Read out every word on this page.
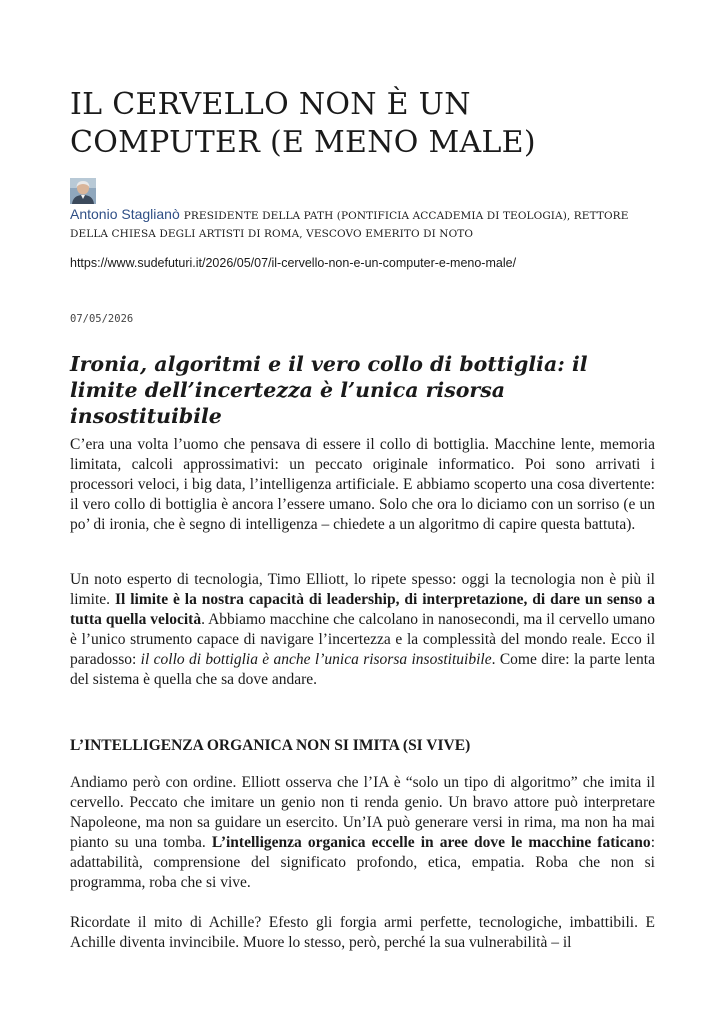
IL CERVELLO NON È UN COMPUTER (E MENO MALE)

Antonio Staglianò PRESIDENTE DELLA PATH (PONTIFICIA ACCADEMIA DI TEOLOGIA), RETTORE DELLA CHIESA DEGLI ARTISTI DI ROMA, VESCOVO EMERITO DI NOTO

https://www.sudefuturi.it/2026/05/07/il-cervello-non-e-un-computer-e-meno-male/

07/05/2026

Ironia, algoritmi e il vero collo di bottiglia: il limite dell’incertezza è l’unica risorsa insostituibile

C’era una volta l’uomo che pensava di essere il collo di bottiglia. Macchine lente, memoria limitata, calcoli approssimativi: un peccato originale informatico. Poi sono arrivati i processori veloci, i big data, l’intelligenza artificiale. E abbiamo scoperto una cosa divertente: il vero collo di bottiglia è ancora l’essere umano. Solo che ora lo diciamo con un sorriso (e un po’ di ironia, che è segno di intelligenza – chiedete a un algoritmo di capire questa battuta).

Un noto esperto di tecnologia, Timo Elliott, lo ripete spesso: oggi la tecnologia non è più il limite. Il limite è la nostra capacità di leadership, di interpretazione, di dare un senso a tutta quella velocità. Abbiamo macchine che calcolano in nanosecondi, ma il cervello umano è l’unico strumento capace di navigare l’incertezza e la complessità del mondo reale. Ecco il paradosso: il collo di bottiglia è anche l’unica risorsa insostituibile. Come dire: la parte lenta del sistema è quella che sa dove andare.

L’INTELLIGENZA ORGANICA NON SI IMITA (SI VIVE)

Andiamo però con ordine. Elliott osserva che l’IA è “solo un tipo di algoritmo” che imita il cervello. Peccato che imitare un genio non ti renda genio. Un bravo attore può interpretare Napoleone, ma non sa guidare un esercito. Un’IA può generare versi in rima, ma non ha mai pianto su una tomba. L’intelligenza organica eccelle in aree dove le macchine faticano: adattabilità, comprensione del significato profondo, etica, empatia. Roba che non si programma, roba che si vive.

Ricordate il mito di Achille? Efesto gli forgia armi perfette, tecnologiche, imbattibili. E Achille diventa invincibile. Muore lo stesso, però, perché la sua vulnerabilità – il
